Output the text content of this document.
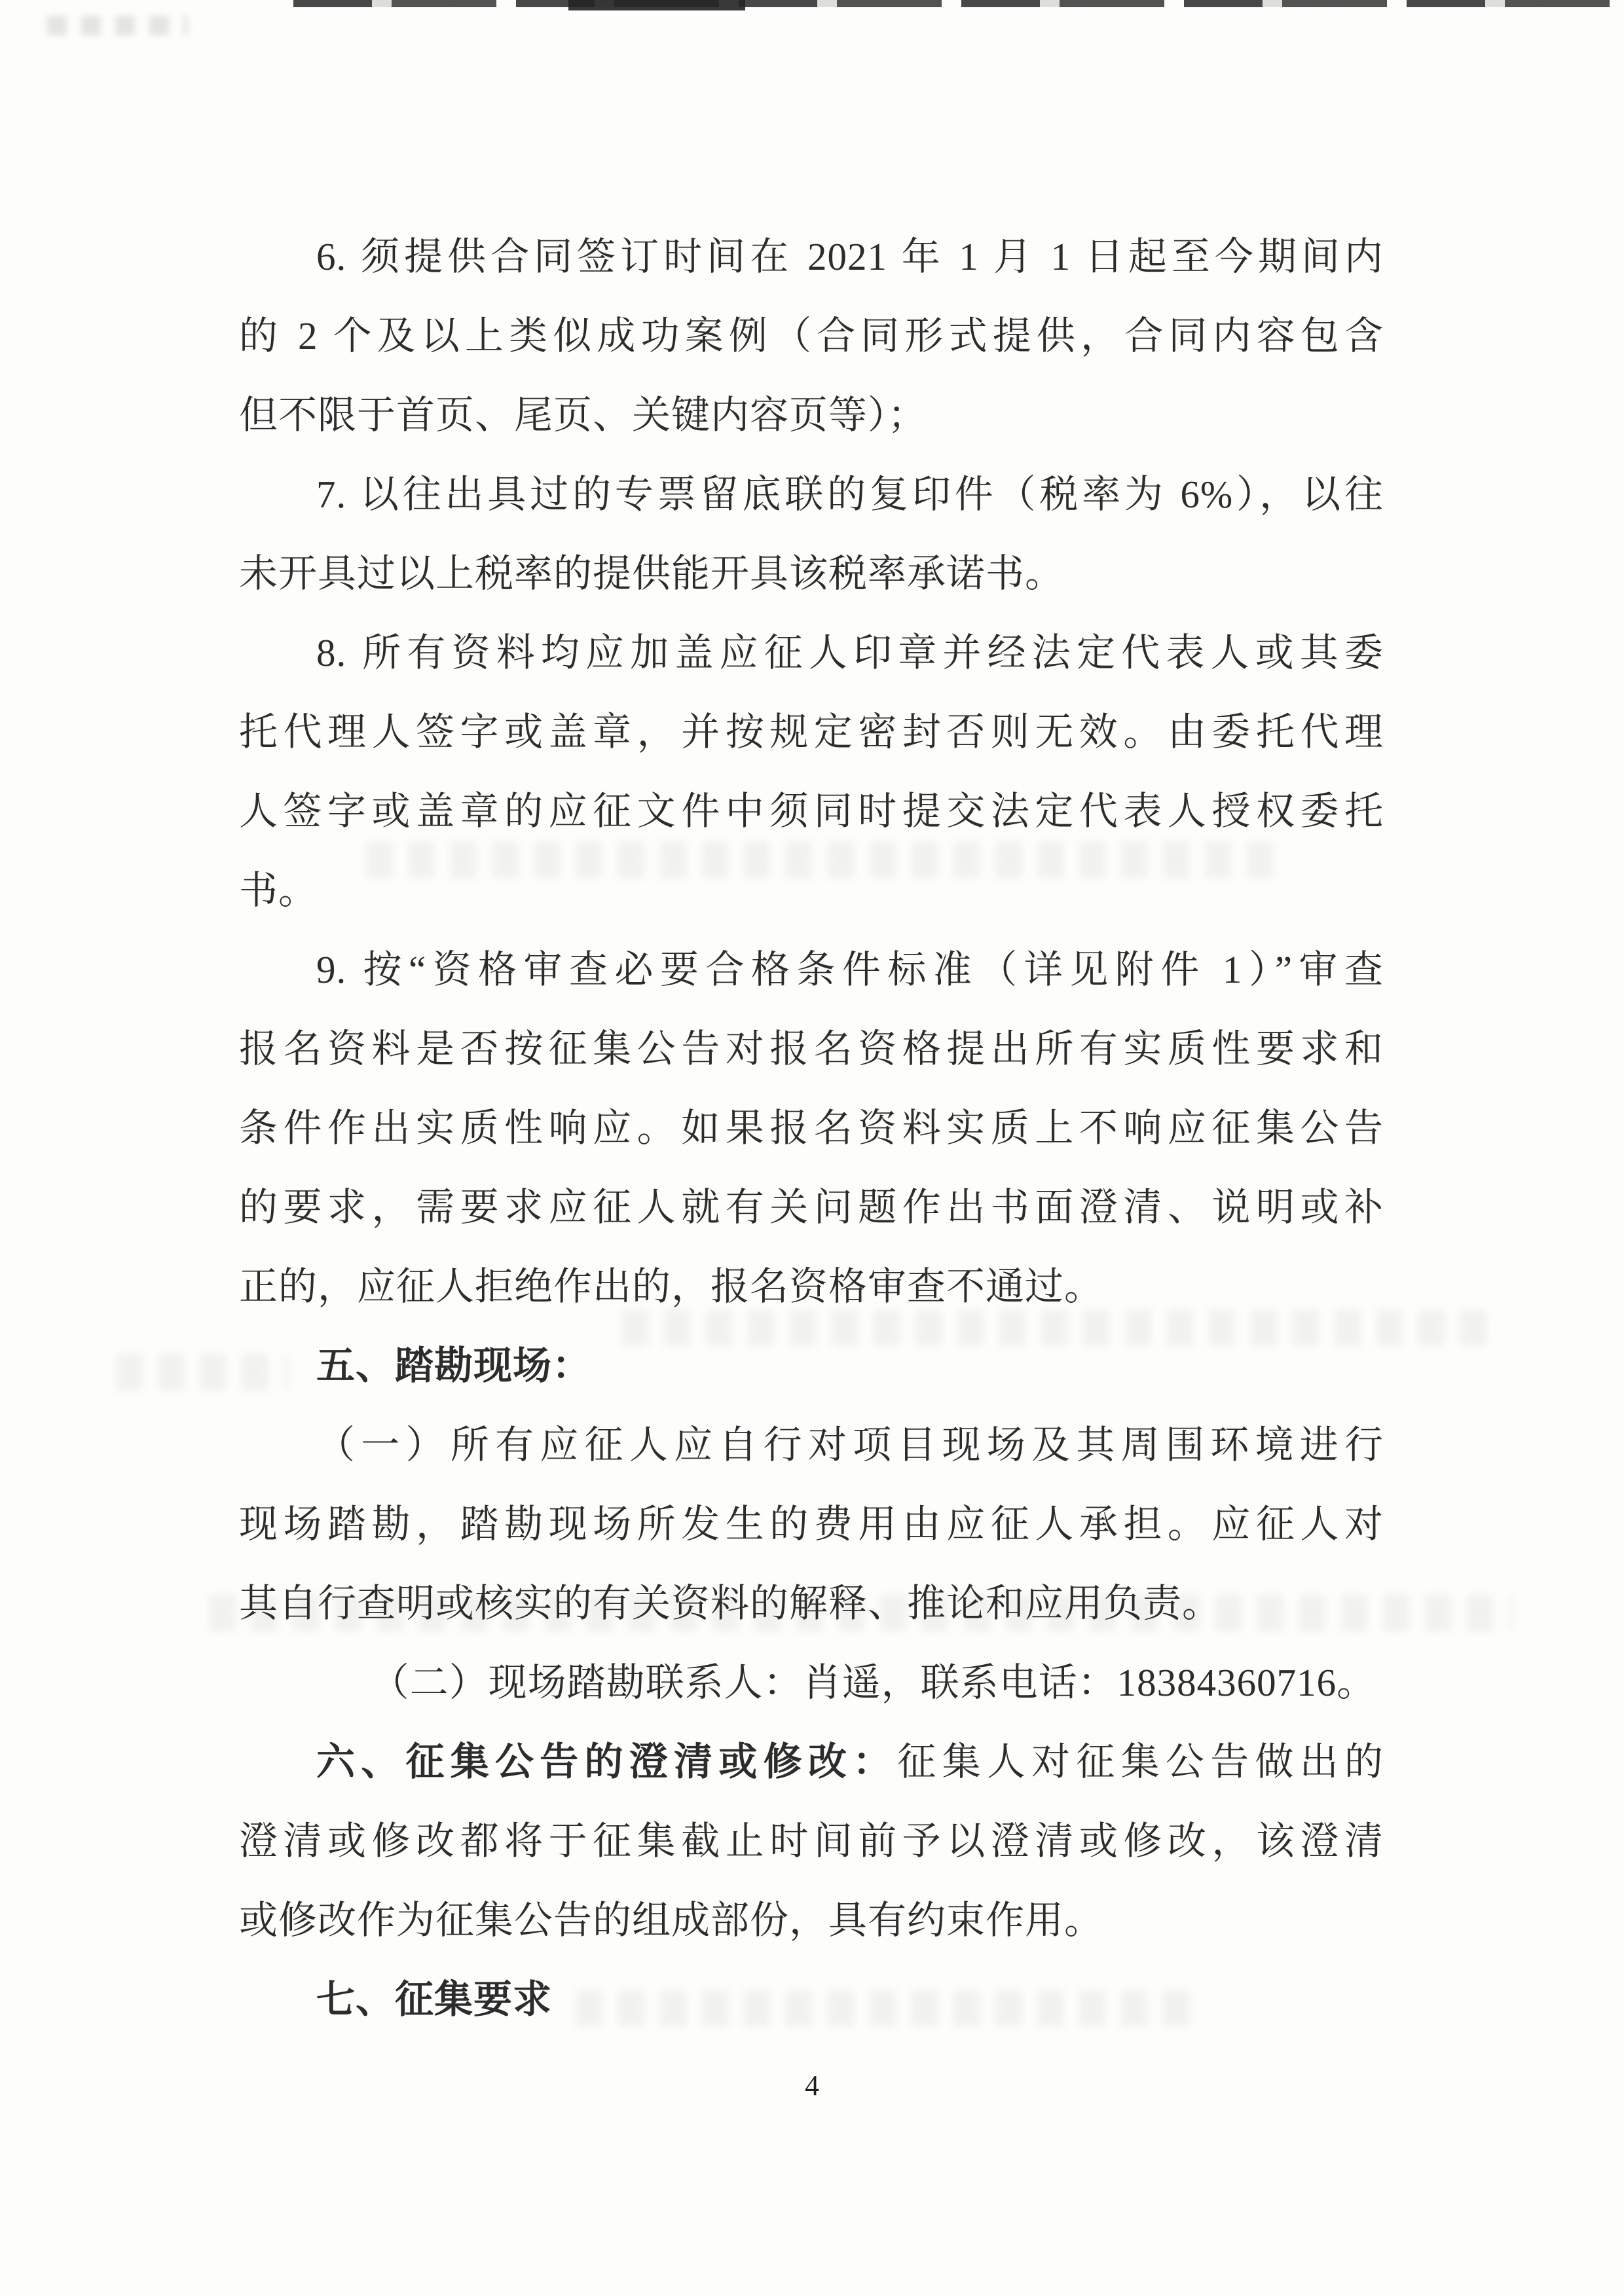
6. 须提供合同签订时间在 2021 年 1 月 1 日起至今期间内
的 2 个及以上类似成功案例（合同形式提供，合同内容包含
但不限于首页、尾页、关键内容页等）；
7. 以往出具过的专票留底联的复印件（税率为 6%），以往
未开具过以上税率的提供能开具该税率承诺书。
8. 所有资料均应加盖应征人印章并经法定代表人或其委
托代理人签字或盖章，并按规定密封否则无效。由委托代理
人签字或盖章的应征文件中须同时提交法定代表人授权委托
书。
9. 按“资格审查必要合格条件标准（详见附件 1）”审查
报名资料是否按征集公告对报名资格提出所有实质性要求和
条件作出实质性响应。如果报名资料实质上不响应征集公告
的要求，需要求应征人就有关问题作出书面澄清、说明或补
正的，应征人拒绝作出的，报名资格审查不通过。
五、踏勘现场：
（一）所有应征人应自行对项目现场及其周围环境进行
现场踏勘，踏勘现场所发生的费用由应征人承担。应征人对
其自行查明或核实的有关资料的解释、推论和应用负责。
（二）现场踏勘联系人：肖遥，联系电话：18384360716。
六、征集公告的澄清或修改：征集人对征集公告做出的
澄清或修改都将于征集截止时间前予以澄清或修改，该澄清
或修改作为征集公告的组成部份，具有约束作用。
七、征集要求
4
